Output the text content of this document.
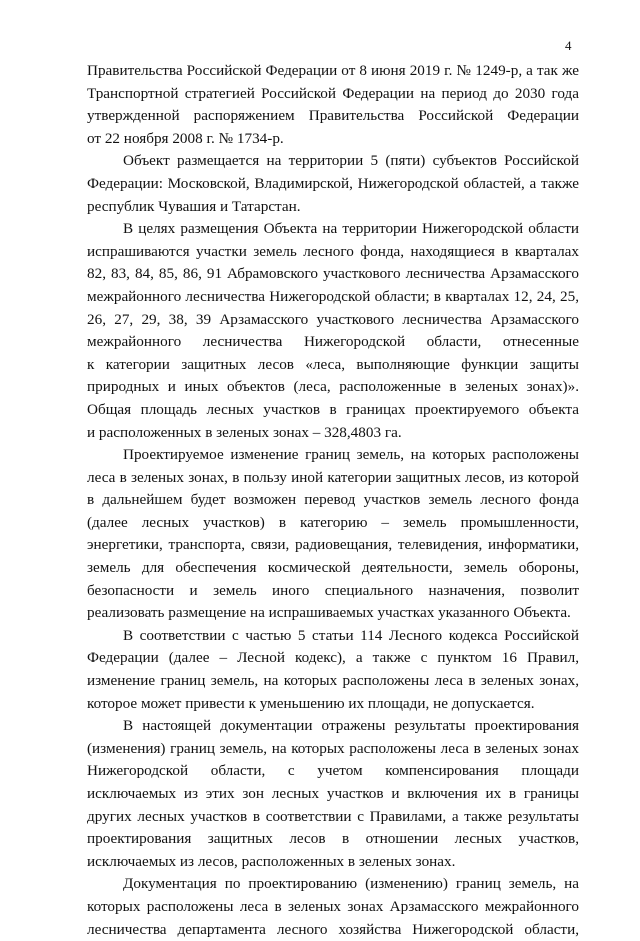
4

Правительства Российской Федерации от 8 июня 2019 г. № 1249-р, а так же

Транспортной стратегией Российской Федерации на период до 2030 года

утвержденной распоряжением Правительства Российской Федерации

от 22 ноября 2008 г. № 1734-р.

Объект размещается на территории 5 (пяти) субъектов Российской

Федерации: Московской, Владимирской, Нижегородской областей, а также

республик Чувашия и Татарстан.

В целях размещения Объекта на территории Нижегородской области

испрашиваются участки земель лесного фонда, находящиеся в кварталах

82, 83, 84, 85, 86, 91 Абрамовского участкового лесничества Арзамасского

межрайонного лесничества Нижегородской области; в кварталах 12, 24, 25,

26, 27, 29, 38, 39 Арзамасского участкового лесничества Арзамасского

межрайонного лесничества Нижегородской области, отнесенные

к категории защитных лесов «леса, выполняющие функции защиты

природных и иных объектов (леса, расположенные в зеленых зонах)».

Общая площадь лесных участков в границах проектируемого объекта

и расположенных в зеленых зонах – 328,4803 га.

Проектируемое изменение границ земель, на которых расположены

леса в зеленых зонах, в пользу иной категории защитных лесов, из которой

в дальнейшем будет возможен перевод участков земель лесного фонда

(далее лесных участков) в категорию – земель промышленности,

энергетики, транспорта, связи, радиовещания, телевидения, информатики,

земель для обеспечения космической деятельности, земель обороны,

безопасности и земель иного специального назначения, позволит

реализовать размещение на испрашиваемых участках указанного Объекта.

В соответствии с частью 5 статьи 114 Лесного кодекса Российской

Федерации (далее – Лесной кодекс), а также с пунктом 16 Правил,

изменение границ земель, на которых расположены леса в зеленых зонах,

которое может привести к уменьшению их площади, не допускается.

В настоящей документации отражены результаты проектирования

(изменения) границ земель, на которых расположены леса в зеленых зонах

Нижегородской области, с учетом компенсирования площади

исключаемых из этих зон лесных участков и включения их в границы

других лесных участков в соответствии с Правилами, а также результаты

проектирования защитных лесов в отношении лесных участков,

исключаемых из лесов, расположенных в зеленых зонах.

Документация по проектированию (изменению) границ земель, на

которых расположены леса в зеленых зонах Арзамасского межрайонного

лесничества департамента лесного хозяйства Нижегородской области,
